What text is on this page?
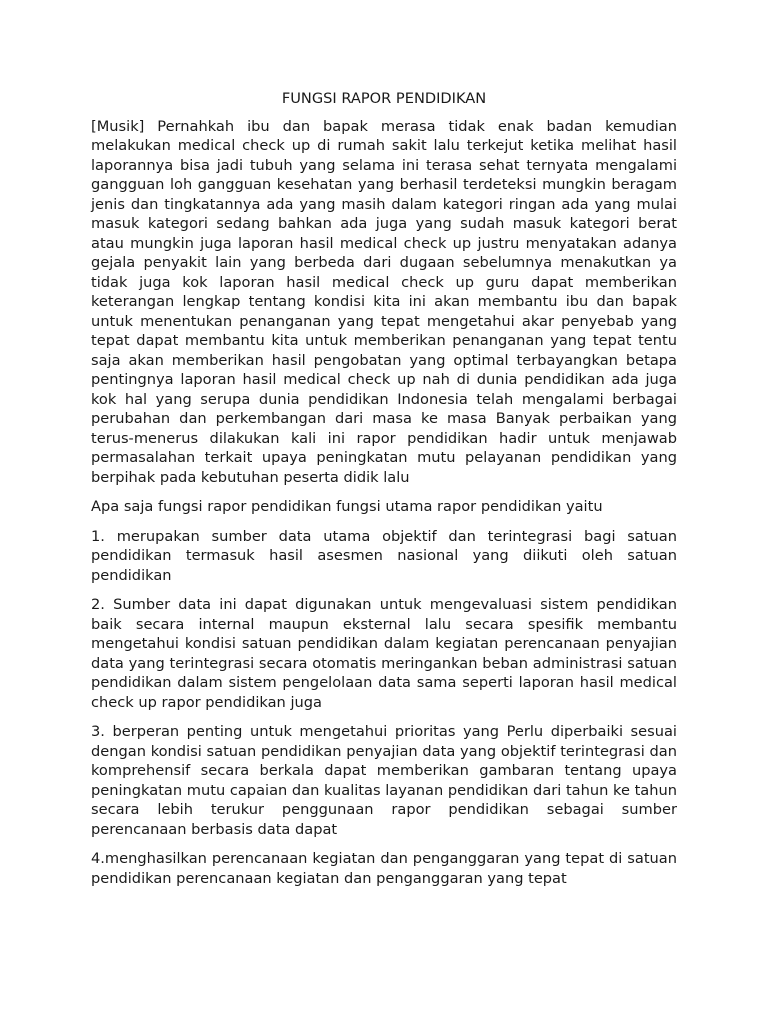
FUNGSI RAPOR PENDIDIKAN

[Musik] Pernahkah ibu dan bapak merasa tidak enak badan kemudian melakukan medical check up di rumah sakit lalu terkejut ketika melihat hasil laporannya bisa jadi tubuh yang selama ini terasa sehat ternyata mengalami gangguan loh gangguan kesehatan yang berhasil terdeteksi mungkin beragam jenis dan tingkatannya ada yang masih dalam kategori ringan ada yang mulai masuk kategori sedang bahkan ada juga yang sudah masuk kategori berat atau mungkin juga laporan hasil medical check up justru menyatakan adanya gejala penyakit lain yang berbeda dari dugaan sebelumnya menakutkan ya tidak juga kok laporan hasil medical check up guru dapat memberikan keterangan lengkap tentang kondisi kita ini akan membantu ibu dan bapak untuk menentukan penanganan yang tepat mengetahui akar penyebab yang tepat dapat membantu kita untuk memberikan penanganan yang tepat tentu saja akan memberikan hasil pengobatan yang optimal terbayangkan betapa pentingnya laporan hasil medical check up nah di dunia pendidikan ada juga kok hal yang serupa dunia pendidikan Indonesia telah mengalami berbagai perubahan dan perkembangan dari masa ke masa Banyak perbaikan yang terus-menerus dilakukan kali ini rapor pendidikan hadir untuk menjawab permasalahan terkait upaya peningkatan mutu pelayanan pendidikan yang berpihak pada kebutuhan peserta didik lalu

Apa saja fungsi rapor pendidikan fungsi utama rapor pendidikan yaitu

1. merupakan sumber data utama objektif dan terintegrasi bagi satuan pendidikan termasuk hasil asesmen nasional yang diikuti oleh satuan pendidikan

2. Sumber data ini dapat digunakan untuk mengevaluasi sistem pendidikan baik secara internal maupun eksternal lalu secara spesifik membantu mengetahui kondisi satuan pendidikan dalam kegiatan perencanaan penyajian data yang terintegrasi secara otomatis meringankan beban administrasi satuan pendidikan dalam sistem pengelolaan data sama seperti laporan hasil medical check up rapor pendidikan juga

3. berperan penting untuk mengetahui prioritas yang Perlu diperbaiki sesuai dengan kondisi satuan pendidikan penyajian data yang objektif terintegrasi dan komprehensif secara berkala dapat memberikan gambaran tentang upaya peningkatan mutu capaian dan kualitas layanan pendidikan dari tahun ke tahun secara lebih terukur penggunaan rapor pendidikan sebagai sumber perencanaan berbasis data dapat

4.menghasilkan perencanaan kegiatan dan penganggaran yang tepat di satuan pendidikan perencanaan kegiatan dan penganggaran yang tepat
